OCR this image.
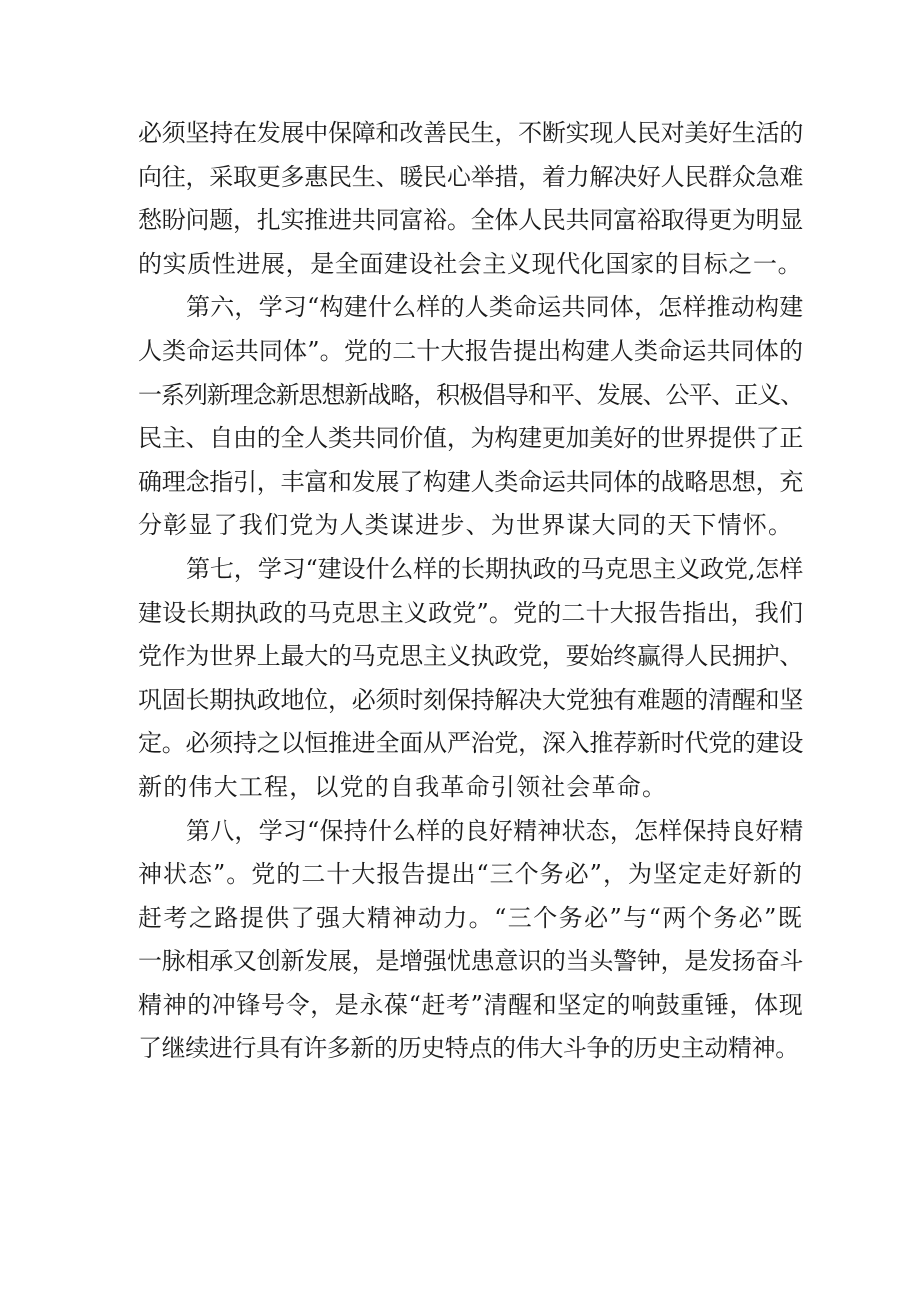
必须坚持在发展中保障和改善民生，不断实现人民对美好生活的
向往，采取更多惠民生、暖民心举措，着力解决好人民群众急难
愁盼问题，扎实推进共同富裕。全体人民共同富裕取得更为明显
的实质性进展，是全面建设社会主义现代化国家的目标之一。
第六，学习“构建什么样的人类命运共同体，怎样推动构建
人类命运共同体”。党的二十大报告提出构建人类命运共同体的
一系列新理念新思想新战略，积极倡导和平、发展、公平、正义、
民主、自由的全人类共同价值，为构建更加美好的世界提供了正
确理念指引，丰富和发展了构建人类命运共同体的战略思想，充
分彰显了我们党为人类谋进步、为世界谋大同的天下情怀。
第七，学习“建设什么样的长期执政的马克思主义政党,怎样
建设长期执政的马克思主义政党”。党的二十大报告指出，我们
党作为世界上最大的马克思主义执政党，要始终赢得人民拥护、
巩固长期执政地位，必须时刻保持解决大党独有难题的清醒和坚
定。必须持之以恒推进全面从严治党，深入推荐新时代党的建设
新的伟大工程，以党的自我革命引领社会革命。
第八，学习“保持什么样的良好精神状态，怎样保持良好精
神状态”。党的二十大报告提出“三个务必”，为坚定走好新的
赶考之路提供了强大精神动力。“三个务必”与“两个务必”既
一脉相承又创新发展，是增强忧患意识的当头警钟，是发扬奋斗
精神的冲锋号令，是永葆“赶考”清醒和坚定的响鼓重锤，体现
了继续进行具有许多新的历史特点的伟大斗争的历史主动精神。
